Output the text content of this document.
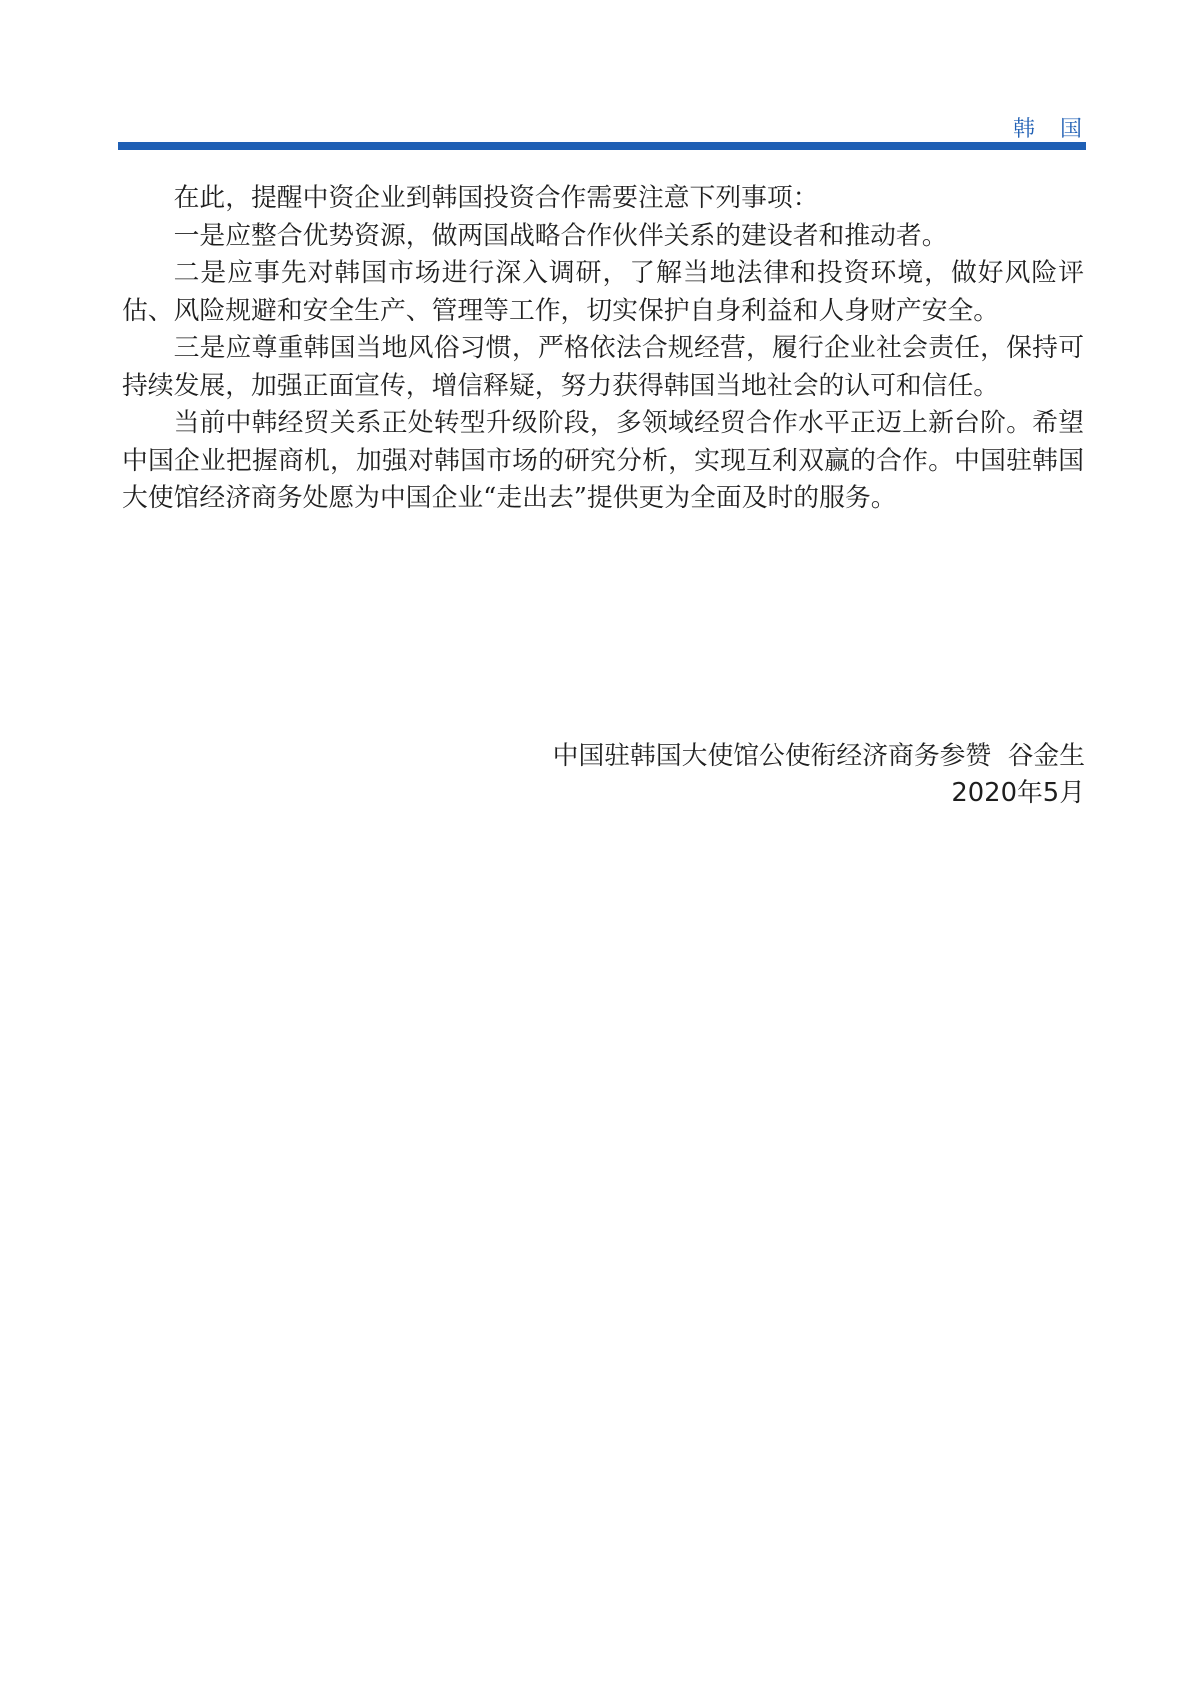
韩国

在此，提醒中资企业到韩国投资合作需要注意下列事项：

一是应整合优势资源，做两国战略合作伙伴关系的建设者和推动者。

二是应事先对韩国市场进行深入调研，了解当地法律和投资环境，做好风险评估、风险规避和安全生产、管理等工作，切实保护自身利益和人身财产安全。

三是应尊重韩国当地风俗习惯，严格依法合规经营，履行企业社会责任，保持可持续发展，加强正面宣传，增信释疑，努力获得韩国当地社会的认可和信任。

当前中韩经贸关系正处转型升级阶段，多领域经贸合作水平正迈上新台阶。希望中国企业把握商机，加强对韩国市场的研究分析，实现互利双赢的合作。中国驻韩国大使馆经济商务处愿为中国企业“走出去”提供更为全面及时的服务。

中国驻韩国大使馆公使衔经济商务参赞  谷金生
2020年5月
